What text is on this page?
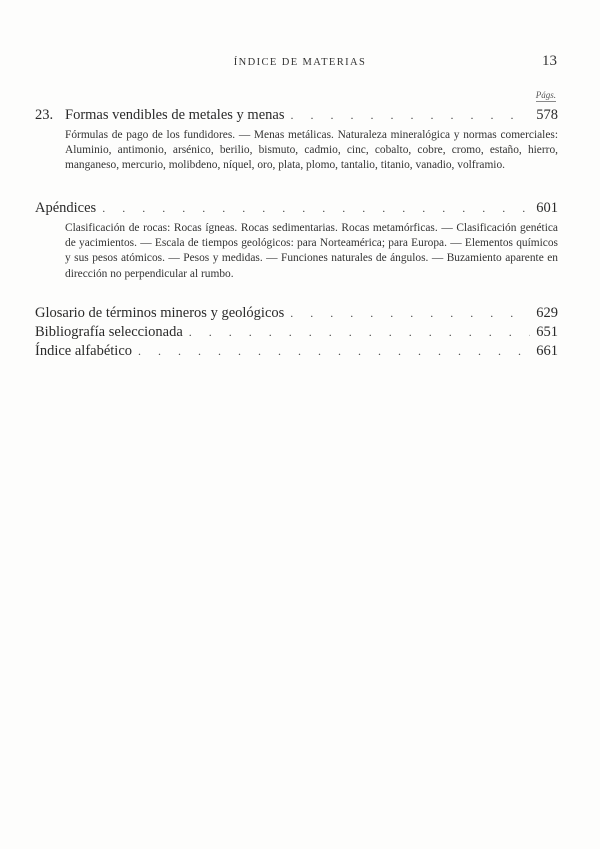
ÍNDICE DE MATERIAS	13
Págs.
23. Formas vendibles de metales y menas . . .	578
Fórmulas de pago de los fundidores. — Menas metálicas. Naturaleza mineralógica y normas comerciales: Aluminio, antimonio, arsénico, berilio, bismuto, cadmio, cinc, cobalto, cobre, cromo, estaño, hierro, manganeso, mercurio, molibdeno, níquel, oro, plata, plomo, tantalio, titanio, vanadio, volframio.
Apéndices . . .	601
Clasificación de rocas: Rocas ígneas. Rocas sedimentarias. Rocas metamórficas. — Clasificación genética de yacimientos. — Escala de tiempos geológicos: para Norteamérica; para Europa. — Elementos químicos y sus pesos atómicos. — Pesos y medidas. — Funciones naturales de ángulos. — Buzamiento aparente en dirección no perpendicular al rumbo.
Glosario de términos mineros y geológicos . . .	629
Bibliografía seleccionada . . .	651
Índice alfabético . . .	661
